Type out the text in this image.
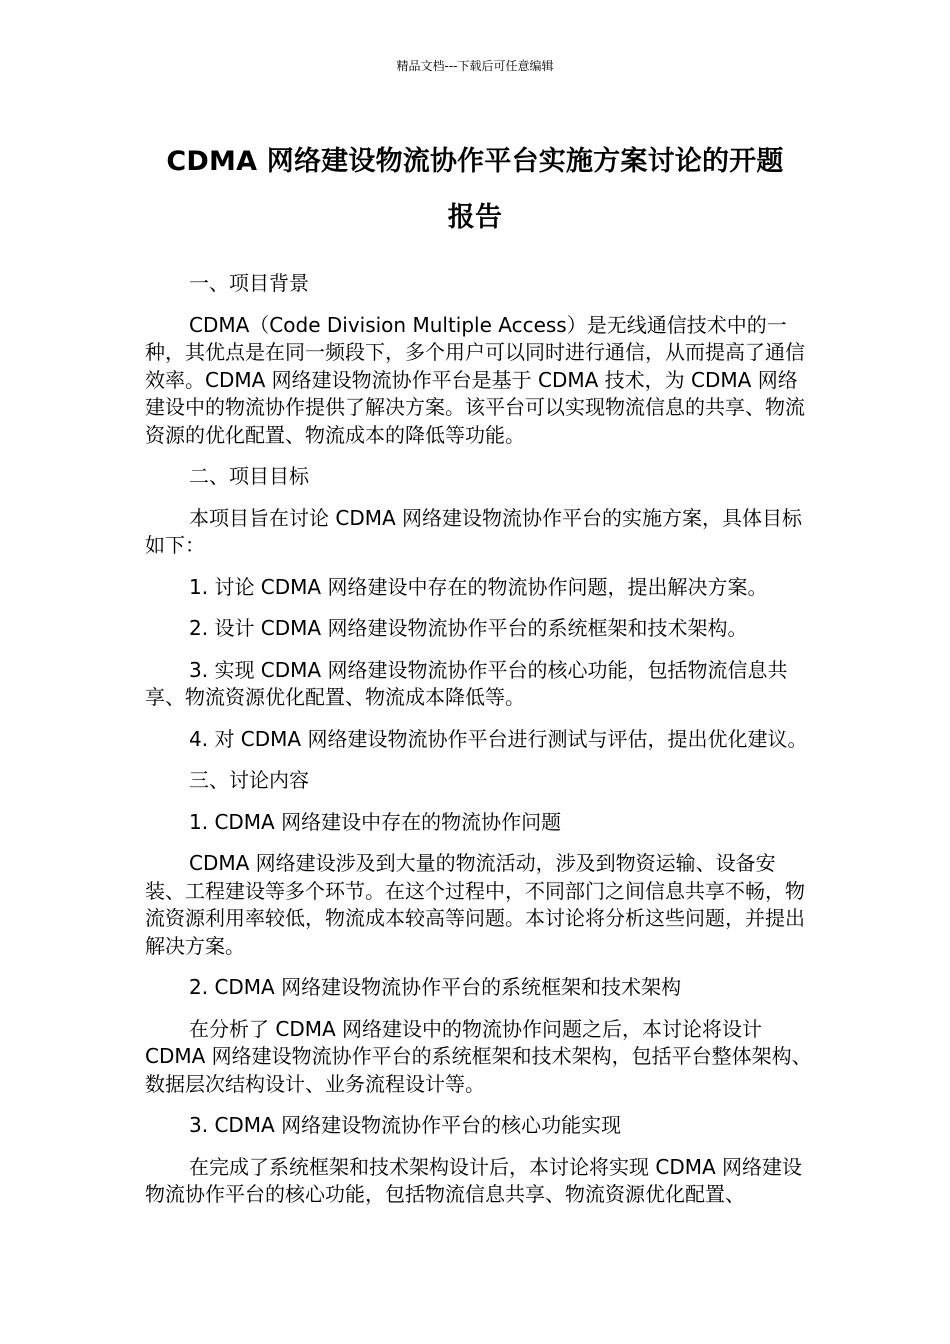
精品文档---下载后可任意编辑
CDMA 网络建设物流协作平台实施方案讨论的开题
报告

一、项目背景

CDMA（Code Division Multiple Access）是无线通信技术中的一种，其优点是在同一频段下，多个用户可以同时进行通信，从而提高了通信效率。CDMA 网络建设物流协作平台是基于 CDMA 技术，为 CDMA 网络建设中的物流协作提供了解决方案。该平台可以实现物流信息的共享、物流资源的优化配置、物流成本的降低等功能。

二、项目目标

本项目旨在讨论 CDMA 网络建设物流协作平台的实施方案，具体目标如下：

1. 讨论 CDMA 网络建设中存在的物流协作问题，提出解决方案。

2. 设计 CDMA 网络建设物流协作平台的系统框架和技术架构。

3. 实现 CDMA 网络建设物流协作平台的核心功能，包括物流信息共享、物流资源优化配置、物流成本降低等。

4. 对 CDMA 网络建设物流协作平台进行测试与评估，提出优化建议。

三、讨论内容

1. CDMA 网络建设中存在的物流协作问题

CDMA 网络建设涉及到大量的物流活动，涉及到物资运输、设备安装、工程建设等多个环节。在这个过程中，不同部门之间信息共享不畅，物流资源利用率较低，物流成本较高等问题。本讨论将分析这些问题，并提出解决方案。

2. CDMA 网络建设物流协作平台的系统框架和技术架构

在分析了 CDMA 网络建设中的物流协作问题之后，本讨论将设计 CDMA 网络建设物流协作平台的系统框架和技术架构，包括平台整体架构、数据层次结构设计、业务流程设计等。

3. CDMA 网络建设物流协作平台的核心功能实现

在完成了系统框架和技术架构设计后，本讨论将实现 CDMA 网络建设物流协作平台的核心功能，包括物流信息共享、物流资源优化配置、
